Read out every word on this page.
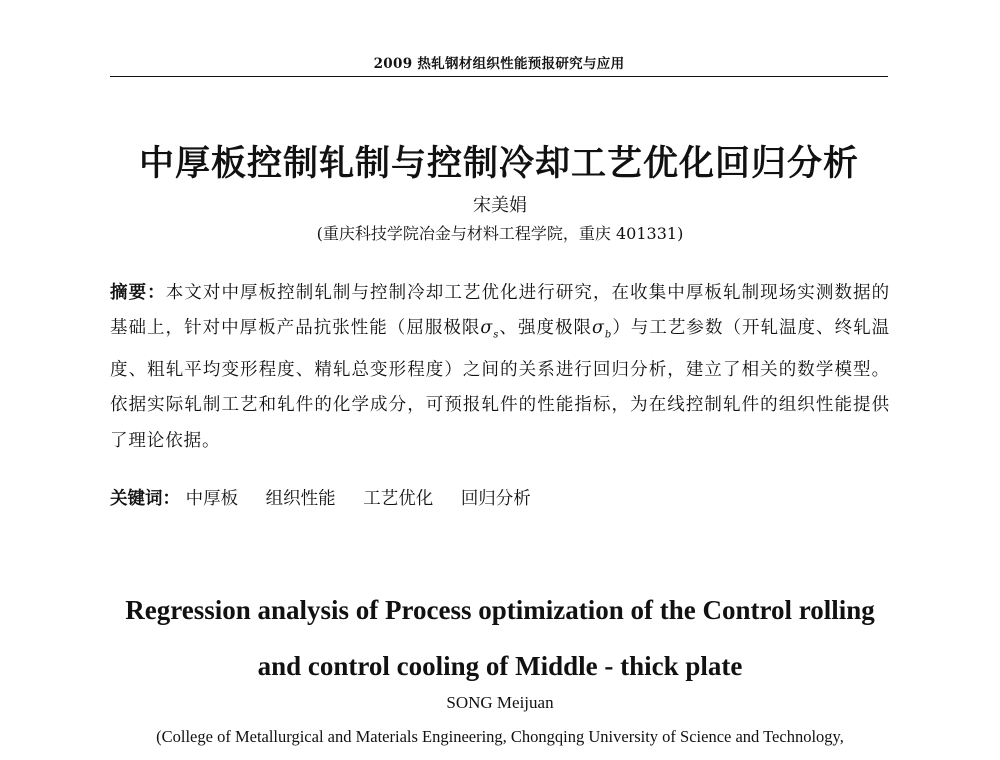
2009 热轧钢材组织性能预报研究与应用
中厚板控制轧制与控制冷却工艺优化回归分析
宋美娟
(重庆科技学院冶金与材料工程学院，重庆 401331)
摘要：本文对中厚板控制轧制与控制冷却工艺优化进行研究，在收集中厚板轧制现场实测数据的基础上，针对中厚板产品抗张性能（屈服极限$\sigma_s$、强度极限$\sigma_b$）与工艺参数（开轧温度、终轧温度、粗轧平均变形程度、精轧总变形程度）之间的关系进行回归分析，建立了相关的数学模型。依据实际轧制工艺和轧件的化学成分，可预报轧件的性能指标，为在线控制轧件的组织性能提供了理论依据。
关键词： 中厚板 组织性能 工艺优化 回归分析
Regression analysis of Process optimization of the Control rolling
and control cooling of Middle - thick plate
SONG Meijuan
(College of Metallurgical and Materials Engineering, Chongqing University of Science and Technology,
